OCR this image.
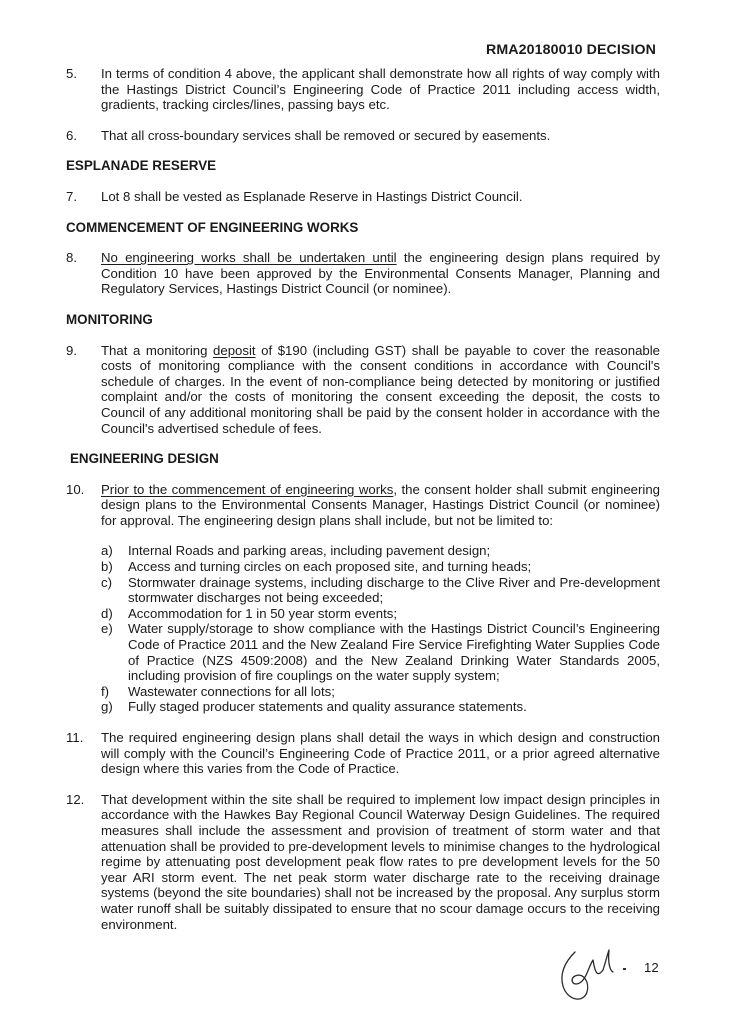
RMA20180010 DECISION
5. In terms of condition 4 above, the applicant shall demonstrate how all rights of way comply with the Hastings District Council’s Engineering Code of Practice 2011 including access width, gradients, tracking circles/lines, passing bays etc.
6. That all cross-boundary services shall be removed or secured by easements.
ESPLANADE RESERVE
7. Lot 8 shall be vested as Esplanade Reserve in Hastings District Council.
COMMENCEMENT OF ENGINEERING WORKS
8. No engineering works shall be undertaken until the engineering design plans required by Condition 10 have been approved by the Environmental Consents Manager, Planning and Regulatory Services, Hastings District Council (or nominee).
MONITORING
9. That a monitoring deposit of $190 (including GST) shall be payable to cover the reasonable costs of monitoring compliance with the consent conditions in accordance with Council's schedule of charges. In the event of non-compliance being detected by monitoring or justified complaint and/or the costs of monitoring the consent exceeding the deposit, the costs to Council of any additional monitoring shall be paid by the consent holder in accordance with the Council's advertised schedule of fees.
ENGINEERING DESIGN
10. Prior to the commencement of engineering works, the consent holder shall submit engineering design plans to the Environmental Consents Manager, Hastings District Council (or nominee) for approval. The engineering design plans shall include, but not be limited to:
a) Internal Roads and parking areas, including pavement design;
b) Access and turning circles on each proposed site, and turning heads;
c) Stormwater drainage systems, including discharge to the Clive River and Pre-development stormwater discharges not being exceeded;
d) Accommodation for 1 in 50 year storm events;
e) Water supply/storage to show compliance with the Hastings District Council’s Engineering Code of Practice 2011 and the New Zealand Fire Service Firefighting Water Supplies Code of Practice (NZS 4509:2008) and the New Zealand Drinking Water Standards 2005, including provision of fire couplings on the water supply system;
f) Wastewater connections for all lots;
g) Fully staged producer statements and quality assurance statements.
11. The required engineering design plans shall detail the ways in which design and construction will comply with the Council’s Engineering Code of Practice 2011, or a prior agreed alternative design where this varies from the Code of Practice.
12. That development within the site shall be required to implement low impact design principles in accordance with the Hawkes Bay Regional Council Waterway Design Guidelines. The required measures shall include the assessment and provision of treatment of storm water and that attenuation shall be provided to pre-development levels to minimise changes to the hydrological regime by attenuating post development peak flow rates to pre development levels for the 50 year ARI storm event. The net peak storm water discharge rate to the receiving drainage systems (beyond the site boundaries) shall not be increased by the proposal. Any surplus storm water runoff shall be suitably dissipated to ensure that no scour damage occurs to the receiving environment.
12
